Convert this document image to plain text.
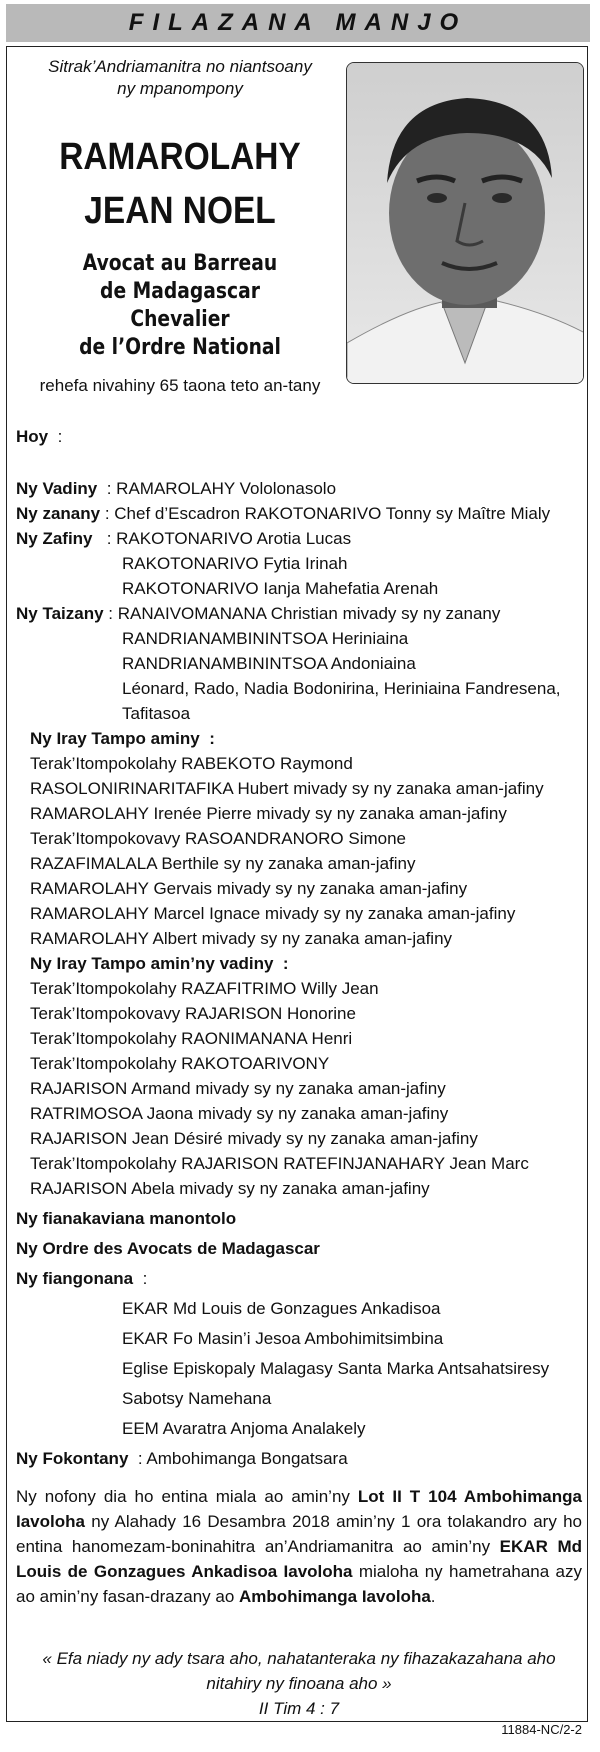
FILAZANA MANJO
Sitrak’Andriamanitra no niantsoany
ny mpanompony
RAMAROLAHY
JEAN NOEL
Avocat au Barreau
de Madagascar
Chevalier
de l’Ordre National
rehefa nivahiny 65 taona teto an-tany
Hoy  :
Ny Vadiny  : RAMAROLAHY Vololonasolo
Ny zanany : Chef d’Escadron RAKOTONARIVO Tonny sy Maître Mialy
Ny Zafiny   : RAKOTONARIVO Arotia Lucas
RAKOTONARIVO Fytia Irinah
RAKOTONARIVO Ianja Mahefatia Arenah
Ny Taizany : RANAIVOMANANA Christian mivady sy ny zanany
RANDRIANAMBININTSOA Heriniaina
RANDRIANAMBININTSOA Andoniaina
Léonard, Rado, Nadia Bodonirina, Heriniaina Fandresena,
Tafitasoa
Ny Iray Tampo aminy  :
Terak’Itompokolahy RABEKOTO Raymond
RASOLONIRINARITAFIKA Hubert mivady sy ny zanaka aman-jafiny
RAMAROLAHY Irenée Pierre mivady sy ny zanaka aman-jafiny
Terak’Itompokovavy RASOANDRANORO Simone
RAZAFIMALALA Berthile sy ny zanaka aman-jafiny
RAMAROLAHY Gervais mivady sy ny zanaka aman-jafiny
RAMAROLAHY Marcel Ignace mivady sy ny zanaka aman-jafiny
RAMAROLAHY Albert mivady sy ny zanaka aman-jafiny
Ny Iray Tampo amin’ny vadiny  :
Terak’Itompokolahy RAZAFITRIMO Willy Jean
Terak’Itompokovavy RAJARISON Honorine
Terak’Itompokolahy RAONIMANANA Henri
Terak’Itompokolahy RAKOTOARIVONY
RAJARISON Armand mivady sy ny zanaka aman-jafiny
RATRIMOSOA Jaona mivady sy ny zanaka aman-jafiny
RAJARISON Jean Désiré mivady sy ny zanaka aman-jafiny
Terak’Itompokolahy RAJARISON RATEFINJANAHARY Jean Marc
RAJARISON Abela mivady sy ny zanaka aman-jafiny
Ny fianakaviana manontolo
Ny Ordre des Avocats de Madagascar
Ny fiangonana  :
EKAR Md Louis de Gonzagues Ankadisoa
EKAR Fo Masin’i Jesoa Ambohimitsimbina
Eglise Episkopaly Malagasy Santa Marka Antsahatsiresy
Sabotsy Namehana
EEM Avaratra Anjoma Analakely
Ny Fokontany  : Ambohimanga Bongatsara
Ny nofony dia ho entina miala ao amin’ny Lot II T 104 Ambohimanga Iavoloha ny Alahady 16 Desambra 2018 amin’ny 1 ora tolakandro ary ho entina hanomezam-boninahitra an’Andriamanitra ao amin’ny EKAR Md Louis de Gonzagues Ankadisoa Iavoloha mialoha ny hametrahana azy ao amin’ny fasan-drazany ao Ambohimanga Iavoloha.
« Efa niady ny ady tsara aho, nahatanteraka ny fihazakazahana aho
nitahiry ny finoana aho »
II Tim 4 : 7
11884-NC/2-2
